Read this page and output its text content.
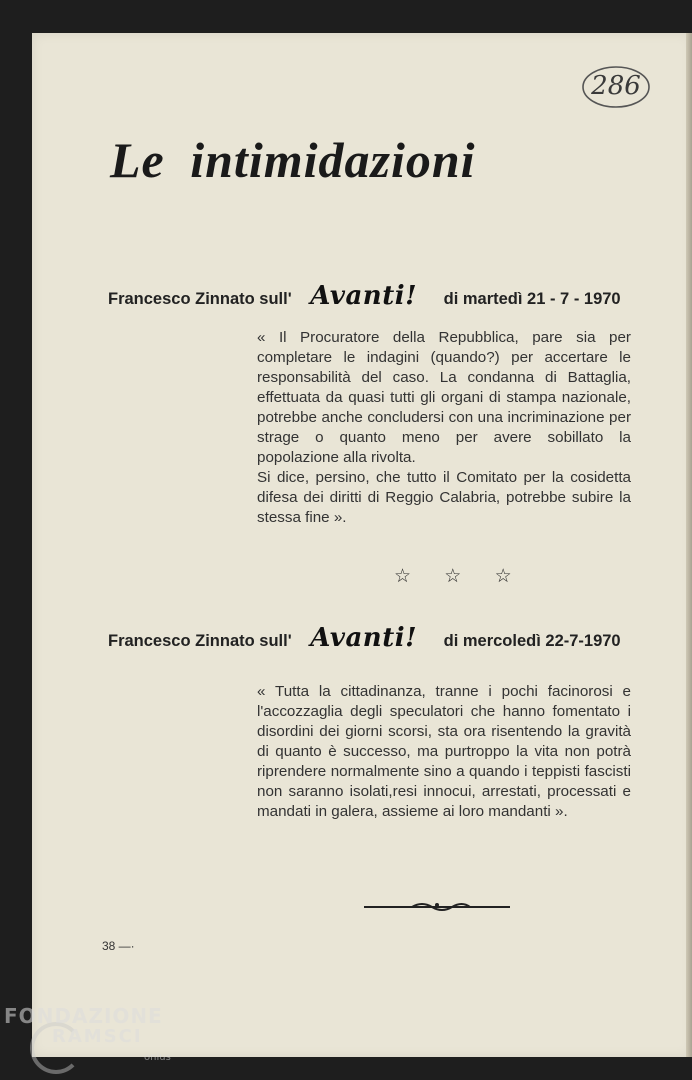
286
Le intimidazioni
Francesco Zinnato sull' Avanti! di martedì 21 - 7 - 1970

« Il Procuratore della Repubblica, pare sia per completare le indagini (quando?) per accertare le responsabilità del caso. La condanna di Battaglia, effettuata da quasi tutti gli organi di stampa nazionale, potrebbe anche concludersi con una incriminazione per strage o quanto meno per avere sobillato la popolazione alla rivolta.

Si dice, persino, che tutto il Comitato per la cosidetta difesa dei diritti di Reggio Calabria, potrebbe subire la stessa fine ».

☆ ☆ ☆
Francesco Zinnato sull' Avanti! di mercoledì 22-7-1970

« Tutta la cittadinanza, tranne i pochi facinorosi e l'accozzaglia degli speculatori che hanno fomentato i disordini dei giorni scorsi, sta ora risentendo la gravità di quanto è successo, ma purtroppo la vita non potrà riprendere normalmente sino a quando i teppisti fascisti non saranno isolati,resi innocui, arrestati, processati e mandati in galera, assieme ai loro mandanti ».

38 —·
FONDAZIONE
RAMSCI
onlus
